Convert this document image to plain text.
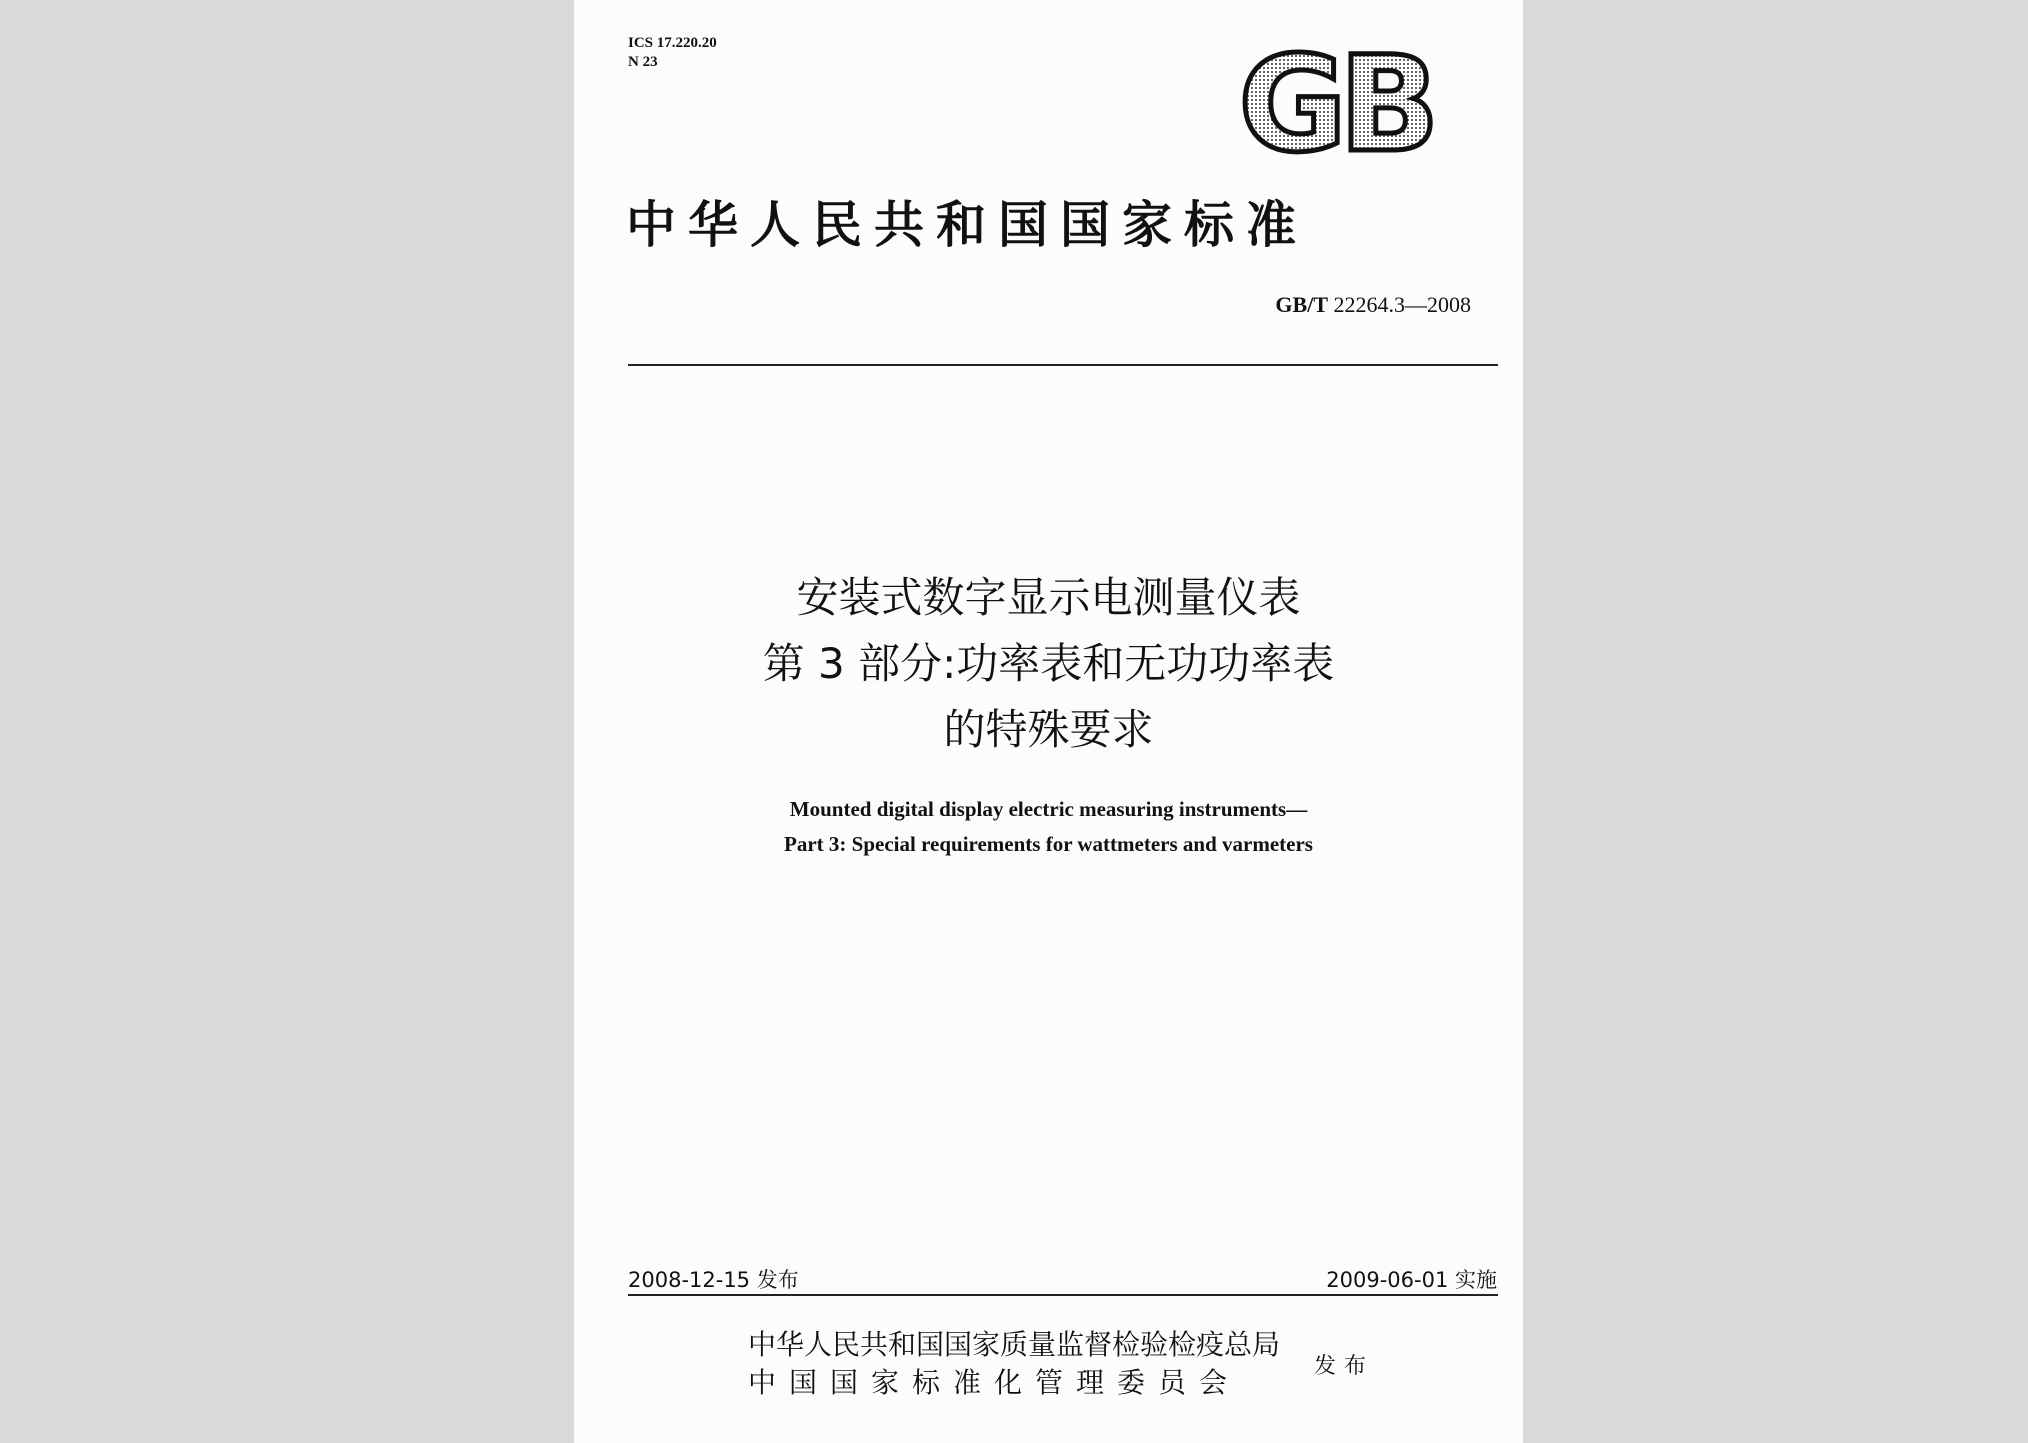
ICS 17.220.20
N 23	GB
中华人民共和国国家标准
GB/T 22264.3—2008
安装式数字显示电测量仪表
第 3 部分:功率表和无功功率表
的特殊要求
Mounted digital display electric measuring instruments—
Part 3: Special requirements for wattmeters and varmeters
2008-12-15 发布	2009-06-01 实施
中华人民共和国国家质量监督检验检疫总局
中国国家标准化管理委员会	发布
